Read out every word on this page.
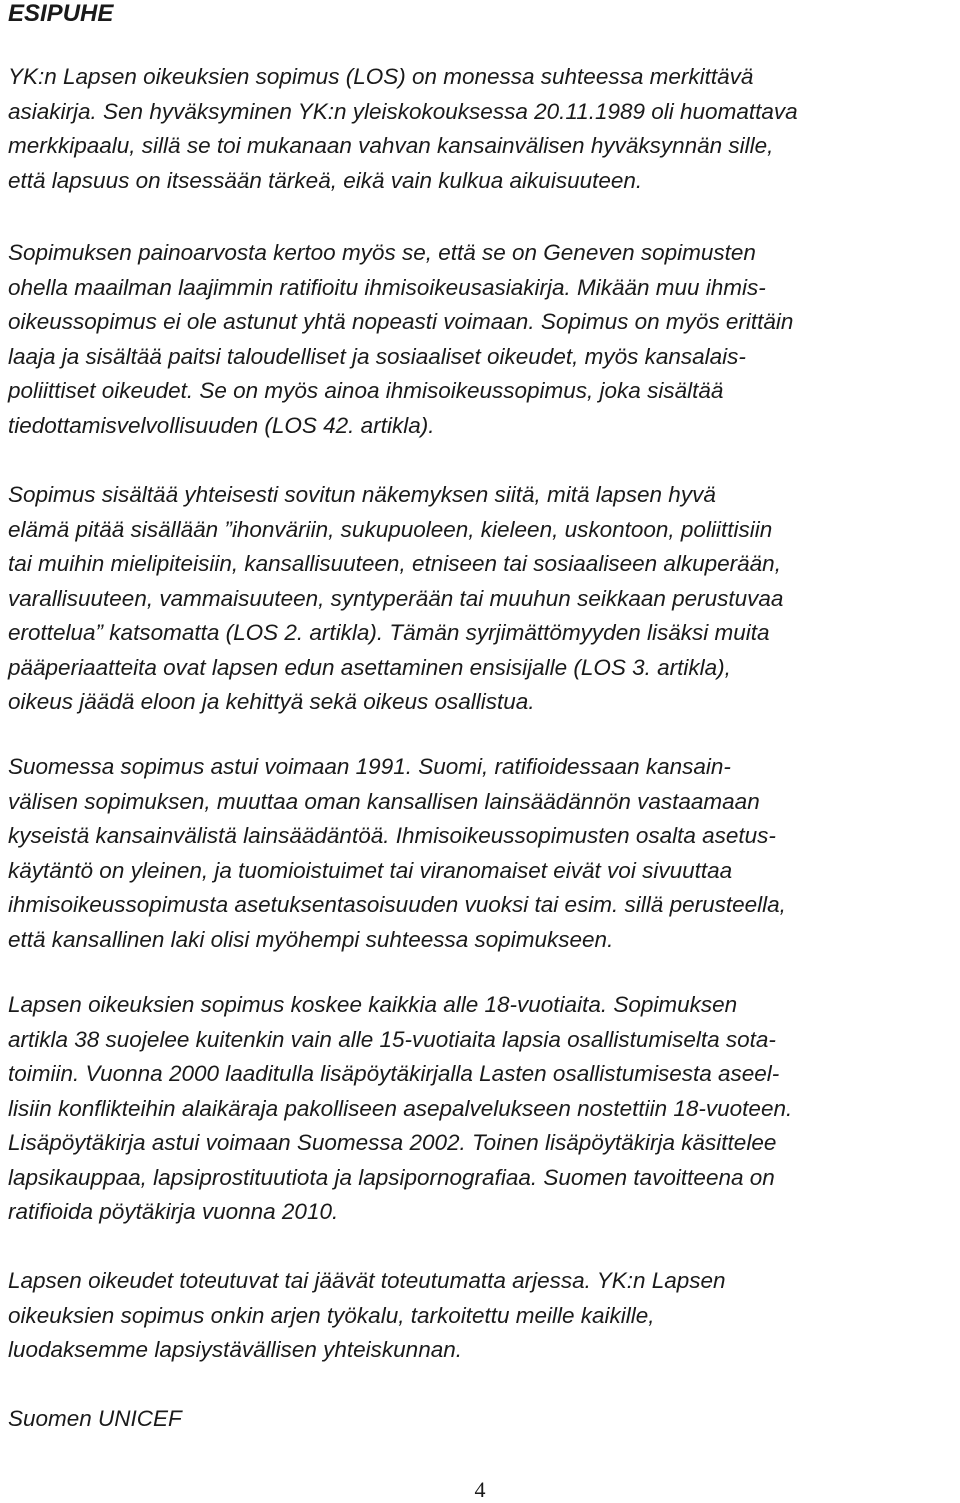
ESIPUHE

YK:n Lapsen oikeuksien sopimus (LOS) on monessa suhteessa merkittävä
asiakirja. Sen hyväksyminen YK:n yleiskokouksessa 20.11.1989 oli huomattava
merkkipaalu, sillä se toi mukanaan vahvan kansainvälisen hyväksynnän sille,
että lapsuus on itsessään tärkeä, eikä vain kulkua aikuisuuteen.

Sopimuksen painoarvosta kertoo myös se, että se on Geneven sopimusten
ohella maailman laajimmin ratifioitu ihmisoikeusasiakirja. Mikään muu ihmis-
oikeussopimus ei ole astunut yhtä nopeasti voimaan. Sopimus on myös erittäin
laaja ja sisältää paitsi taloudelliset ja sosiaaliset oikeudet, myös kansalais-
poliittiset oikeudet. Se on myös ainoa ihmisoikeussopimus, joka sisältää
tiedottamisvelvollisuuden (LOS 42. artikla).

Sopimus sisältää yhteisesti sovitun näkemyksen siitä, mitä lapsen hyvä
elämä pitää sisällään ”ihonväriin, sukupuoleen, kieleen, uskontoon, poliittisiin
tai muihin mielipiteisiin, kansallisuuteen, etniseen tai sosiaaliseen alkuperään,
varallisuuteen, vammaisuuteen, syntyperään tai muuhun seikkaan perustuvaa
erottelua” katsomatta (LOS 2. artikla). Tämän syrjimättömyyden lisäksi muita
pääperiaatteita ovat lapsen edun asettaminen ensisijalle (LOS 3. artikla),
oikeus jäädä eloon ja kehittyä sekä oikeus osallistua.

Suomessa sopimus astui voimaan 1991. Suomi, ratifioidessaan kansain-
välisen sopimuksen, muuttaa oman kansallisen lainsäädännön vastaamaan
kyseistä kansainvälistä lainsäädäntöä. Ihmisoikeussopimusten osalta asetus-
käytäntö on yleinen, ja tuomioistuimet tai viranomaiset eivät voi sivuuttaa
ihmisoikeussopimusta asetuksentasoisuuden vuoksi tai esim. sillä perusteella,
että kansallinen laki olisi myöhempi suhteessa sopimukseen.

Lapsen oikeuksien sopimus koskee kaikkia alle 18-vuotiaita. Sopimuksen
artikla 38 suojelee kuitenkin vain alle 15-vuotiaita lapsia osallistumiselta sota-
toimiin. Vuonna 2000 laaditulla lisäpöytäkirjalla Lasten osallistumisesta aseel-
lisiin konflikteihin alaikäraja pakolliseen asepalvelukseen nostettiin 18-vuoteen.
Lisäpöytäkirja astui voimaan Suomessa 2002. Toinen lisäpöytäkirja käsittelee
lapsikauppaa, lapsiprostituutiota ja lapsipornografiaa. Suomen tavoitteena on
ratifioida pöytäkirja vuonna 2010.

Lapsen oikeudet toteutuvat tai jäävät toteutumatta arjessa. YK:n Lapsen
oikeuksien sopimus onkin arjen työkalu, tarkoitettu meille kaikille,
luodaksemme lapsiystävällisen yhteiskunnan.

Suomen UNICEF

4
